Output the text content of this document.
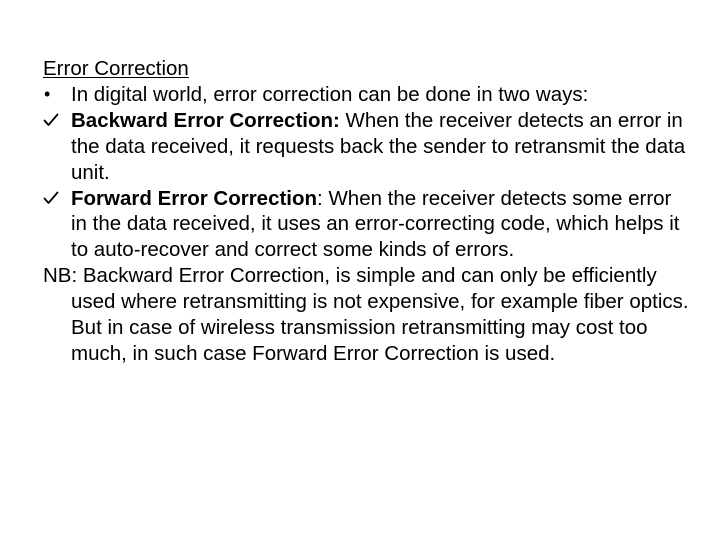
Error Correction

•	In digital world, error correction can be done in two ways:

Backward Error Correction: When the receiver detects an error in the data received, it requests back the sender to retransmit the data unit.

Forward Error Correction: When the receiver detects some error in the data received, it uses an error-correcting code, which helps it to auto-recover and correct some kinds of errors.

NB: Backward Error Correction, is simple and can only be efficiently used where retransmitting is not expensive, for example fiber optics. But in case of wireless transmission retransmitting may cost too much, in such case Forward Error Correction is used.
